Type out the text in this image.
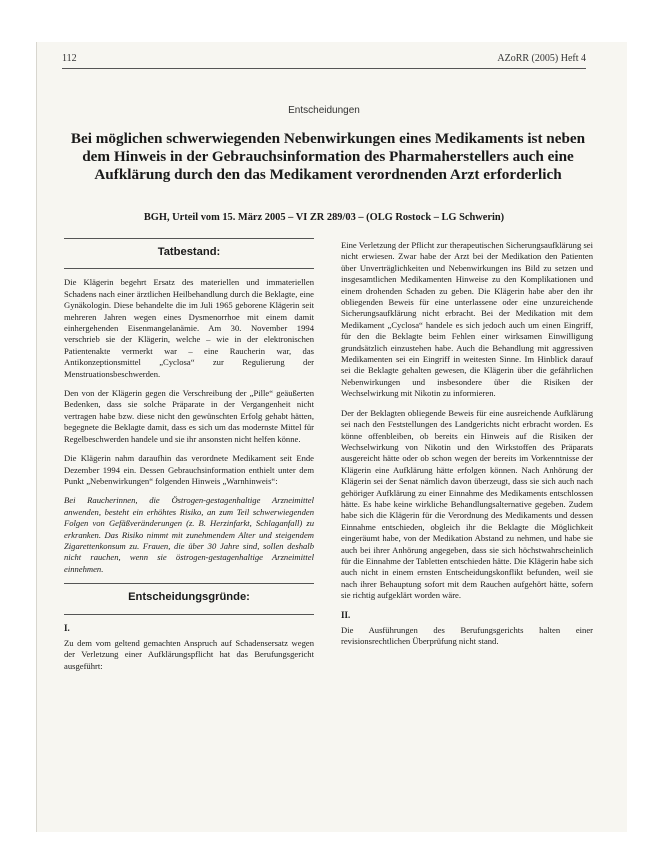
112	AZoRR (2005) Heft 4
Entscheidungen
Bei möglichen schwerwiegenden Nebenwirkungen eines Medikaments ist neben dem Hinweis in der Gebrauchsinformation des Pharmaherstellers auch eine Aufklärung durch den das Medikament verordnenden Arzt erforderlich
BGH, Urteil vom 15. März 2005 – VI ZR 289/03 – (OLG Rostock – LG Schwerin)
Tatbestand:

Die Klägerin begehrt Ersatz des materiellen und immateriellen Schadens nach einer ärztlichen Heilbehandlung durch die Beklagte, eine Gynäkologin. Diese behandelte die im Juli 1965 geborene Klägerin seit mehreren Jahren wegen eines Dysmenorrhoe mit einem damit einhergehenden Eisenmangelanämie. Am 30. November 1994 verschrieb sie der Klägerin, welche – wie in der elektronischen Patientenakte vermerkt war – eine Raucherin war, das Antikonzeptionsmittel „Cyclosa“ zur Regulierung der Menstruationsbeschwerden.

Den von der Klägerin gegen die Verschreibung der „Pille“ geäußerten Bedenken, dass sie solche Präparate in der Vergangenheit nicht vertragen habe bzw. diese nicht den gewünschten Erfolg gehabt hätten, begegnete die Beklagte damit, dass es sich um das modernste Mittel für Regelbeschwerden handele und sie ihr ansonsten nicht helfen könne.

Die Klägerin nahm daraufhin das verordnete Medikament seit Ende Dezember 1994 ein. Dessen Gebrauchsinformation enthielt unter dem Punkt „Nebenwirkungen“ folgenden Hinweis „Warnhinweis“:

Bei Raucherinnen, die Östrogen-gestagenhaltige Arzneimittel anwenden, besteht ein erhöhtes Risiko, an zum Teil schwerwiegenden Folgen von Gefäßveränderungen (z. B. Herzinfarkt, Schlaganfall) zu erkranken. Das Risiko nimmt mit zunehmendem Alter und steigendem Zigarettenkonsum zu. Frauen, die über 30 Jahre sind, sollen deshalb nicht rauchen, wenn sie östrogen-gestagenhaltige Arzneimittel einnehmen.

Entscheidungsgründe:
I.

Zu dem vom geltend gemachten Anspruch auf Schadensersatz wegen der Verletzung einer Aufklärungspflicht hat das Berufungsgericht ausgeführt:

Eine Verletzung der Pflicht zur therapeutischen Sicherungsaufklärung sei nicht erwiesen. Zwar habe der Arzt bei der Medikation den Patienten über Unverträglichkeiten und Nebenwirkungen ins Bild zu setzen und insgesamtlichen Medikamenten Hinweise zu den Komplikationen und einem drohenden Schaden zu geben. Die Klägerin habe aber den ihr obliegenden Beweis für eine unterlassene oder eine unzureichende Sicherungsaufklärung nicht erbracht. Bei der Medikation mit dem Medikament „Cyclosa“ handele es sich jedoch auch um einen Eingriff, für den die Beklagte beim Fehlen einer wirksamen Einwilligung grundsätzlich einzustehen habe. Auch die Behandlung mit aggressiven Medikamenten sei ein Eingriff in weitesten Sinne. Im Hinblick darauf sei die Beklagte gehalten gewesen, die Klägerin über die gefährlichen Nebenwirkungen und insbesondere über die Risiken der Wechselwirkung mit Nikotin zu informieren.

Der der Beklagten obliegende Beweis für eine ausreichende Aufklärung sei nach den Feststellungen des Landgerichts nicht erbracht worden. Es könne offenbleiben, ob bereits ein Hinweis auf die Risiken der Wechselwirkung von Nikotin und den Wirkstoffen des Präparats ausgereicht hätte oder ob schon wegen der bereits im Vorkenntnisse der Klägerin eine Aufklärung hätte erfolgen können. Nach Anhörung der Klägerin sei der Senat nämlich davon überzeugt, dass sie sich auch nach gehöriger Aufklärung zu einer Einnahme des Medikaments entschlossen hätte. Es habe keine wirkliche Behandlungsalternative gegeben. Zudem habe sich die Klägerin für die Verordnung des Medikaments und dessen Einnahme entschieden, obgleich ihr die Beklagte die Möglichkeit eingeräumt habe, von der Medikation Abstand zu nehmen, und habe sie auch bei ihrer Anhörung angegeben, dass sie sich höchstwahrscheinlich für die Einnahme der Tabletten entschieden hätte. Die Klägerin habe sich auch nicht in einem ernsten Entscheidungskonflikt befunden, weil sie nach ihrer Behauptung sofort mit dem Rauchen aufgehört hätte, sofern sie richtig aufgeklärt worden wäre.

II.

Die Ausführungen des Berufungsgerichts halten einer revisionsrechtlichen Überprüfung nicht stand.
